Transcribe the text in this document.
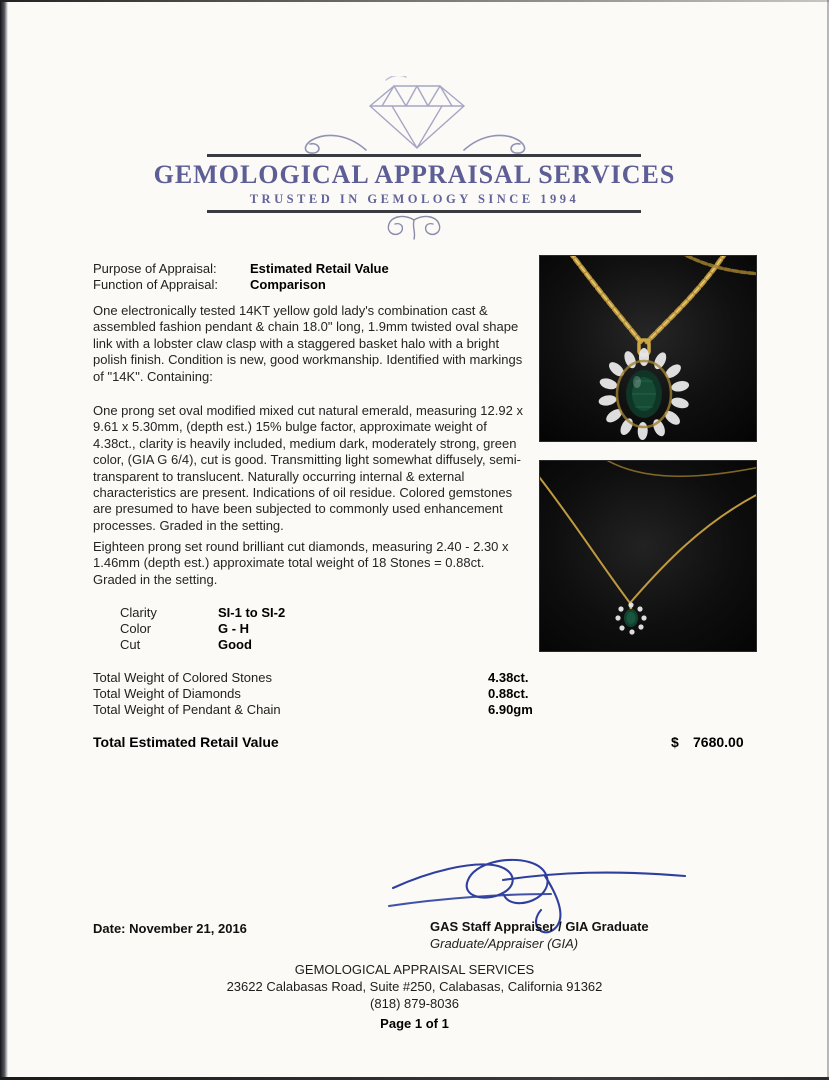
GEMOLOGICAL APPRAISAL SERVICES
TRUSTED IN GEMOLOGY SINCE 1994
Purpose of Appraisal:	Estimated Retail Value
Function of Appraisal: Comparison

One electronically tested 14KT yellow gold lady's combination cast & assembled fashion pendant & chain 18.0" long, 1.9mm twisted oval shape link with a lobster claw clasp with a staggered basket halo with a bright polish finish. Condition is new, good workmanship. Identified with markings of "14K". Containing:

One prong set oval modified mixed cut natural emerald, measuring 12.92 x 9.61 x 5.30mm, (depth est.) 15% bulge factor, approximate weight of 4.38ct., clarity is heavily included, medium dark, moderately strong, green color, (GIA G 6/4), cut is good. Transmitting light somewhat diffusely, semi-transparent to translucent. Naturally occurring internal & external characteristics are present. Indications of oil residue. Colored gemstones are presumed to have been subjected to commonly used enhancement processes. Graded in the setting.

Eighteen prong set round brilliant cut diamonds, measuring 2.40 - 2.30 x 1.46mm (depth est.) approximate total weight of 18 Stones = 0.88ct. Graded in the setting.

Clarity	SI-1 to SI-2
Color	G - H
Cut	Good
Total Weight of Colored Stones	4.38ct.
Total Weight of Diamonds	0.88ct.
Total Weight of Pendant & Chain	6.90gm
Total Estimated Retail Value	$ 7680.00
Date: November 21, 2016	GAS Staff Appraiser / GIA Graduate
Graduate/Appraiser (GIA)
GEMOLOGICAL APPRAISAL SERVICES
23622 Calabasas Road, Suite #250, Calabasas, California 91362
(818) 879-8036
Page 1 of 1
